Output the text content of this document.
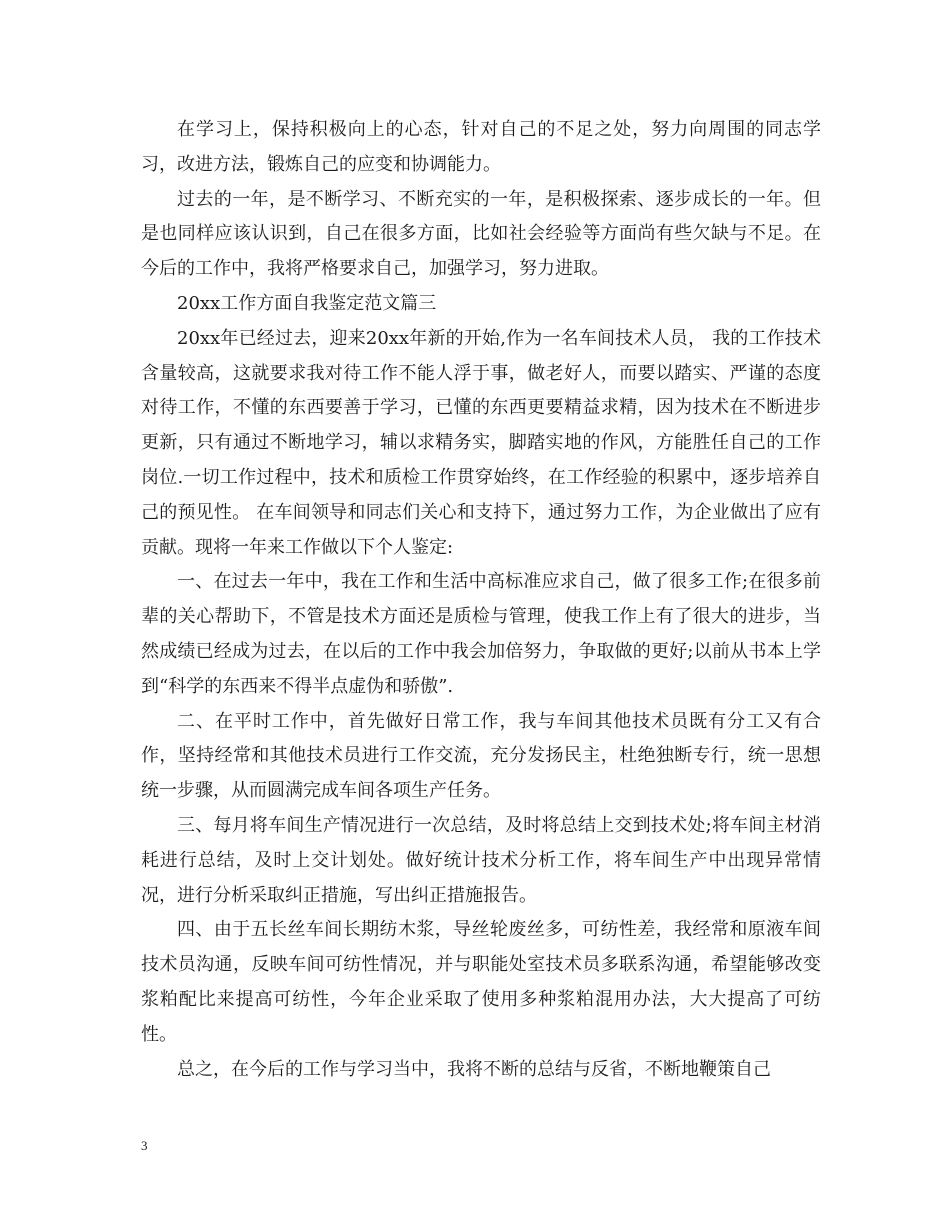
在学习上，保持积极向上的心态，针对自己的不足之处，努力向周围的同志学习，改进方法，锻炼自己的应变和协调能力。

过去的一年，是不断学习、不断充实的一年，是积极探索、逐步成长的一年。但是也同样应该认识到，自己在很多方面，比如社会经验等方面尚有些欠缺与不足。在今后的工作中，我将严格要求自己，加强学习，努力进取。

20xx工作方面自我鉴定范文篇三

20xx年已经过去，迎来20xx年新的开始,作为一名车间技术人员， 我的工作技术含量较高，这就要求我对待工作不能人浮于事，做老好人，而要以踏实、严谨的态度对待工作，不懂的东西要善于学习，已懂的东西更要精益求精，因为技术在不断进步更新，只有通过不断地学习，辅以求精务实，脚踏实地的作风，方能胜任自己的工作岗位.一切工作过程中，技术和质检工作贯穿始终，在工作经验的积累中，逐步培养自己的预见性。 在车间领导和同志们关心和支持下，通过努力工作，为企业做出了应有贡献。现将一年来工作做以下个人鉴定:

一、在过去一年中，我在工作和生活中高标准应求自己，做了很多工作;在很多前辈的关心帮助下，不管是技术方面还是质检与管理，使我工作上有了很大的进步，当然成绩已经成为过去，在以后的工作中我会加倍努力，争取做的更好;以前从书本上学到“科学的东西来不得半点虚伪和骄傲”.

二、在平时工作中，首先做好日常工作，我与车间其他技术员既有分工又有合作，坚持经常和其他技术员进行工作交流，充分发扬民主，杜绝独断专行，统一思想统一步骤，从而圆满完成车间各项生产任务。

三、每月将车间生产情况进行一次总结，及时将总结上交到技术处;将车间主材消耗进行总结，及时上交计划处。做好统计技术分析工作，将车间生产中出现异常情况，进行分析采取纠正措施，写出纠正措施报告。

四、由于五长丝车间长期纺木浆，导丝轮废丝多，可纺性差，我经常和原液车间技术员沟通，反映车间可纺性情况，并与职能处室技术员多联系沟通，希望能够改变浆粕配比来提高可纺性，今年企业采取了使用多种浆粕混用办法，大大提高了可纺性。

总之，在今后的工作与学习当中，我将不断的总结与反省，不断地鞭策自己

3
